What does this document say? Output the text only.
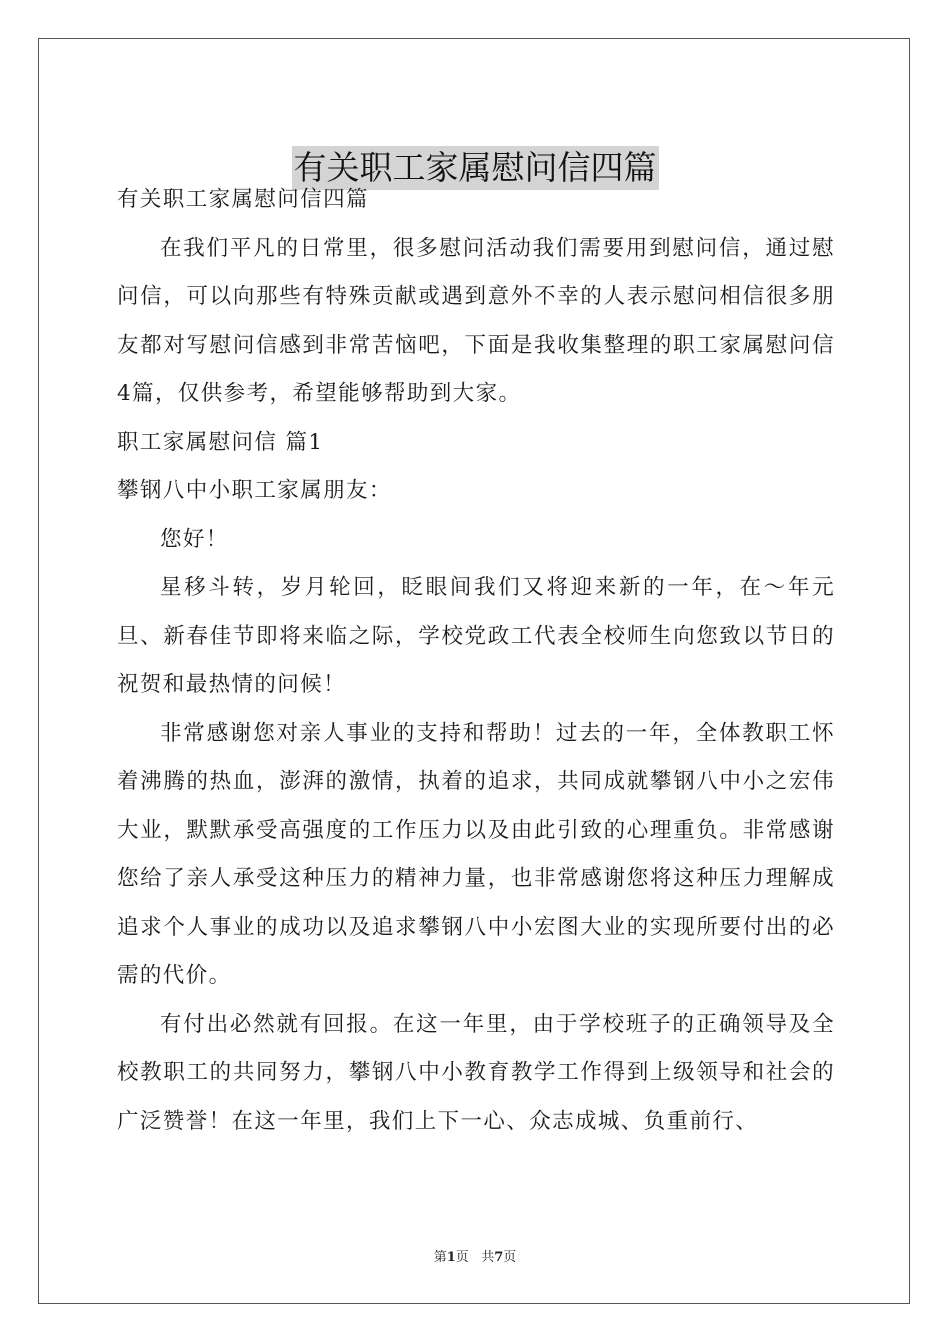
有关职工家属慰问信四篇

有关职工家属慰问信四篇

在我们平凡的日常里，很多慰问活动我们需要用到慰问信，通过慰问信，可以向那些有特殊贡献或遇到意外不幸的人表示慰问相信很多朋友都对写慰问信感到非常苦恼吧，下面是我收集整理的职工家属慰问信4篇，仅供参考，希望能够帮助到大家。

职工家属慰问信 篇1

攀钢八中小职工家属朋友：

您好！

星移斗转，岁月轮回，眨眼间我们又将迎来新的一年，在～年元旦、新春佳节即将来临之际，学校党政工代表全校师生向您致以节日的祝贺和最热情的问候！

非常感谢您对亲人事业的支持和帮助！过去的一年，全体教职工怀着沸腾的热血，澎湃的激情，执着的追求，共同成就攀钢八中小之宏伟大业，默默承受高强度的工作压力以及由此引致的心理重负。非常感谢您给了亲人承受这种压力的精神力量，也非常感谢您将这种压力理解成追求个人事业的成功以及追求攀钢八中小宏图大业的实现所要付出的必需的代价。

有付出必然就有回报。在这一年里，由于学校班子的正确领导及全校教职工的共同努力，攀钢八中小教育教学工作得到上级领导和社会的广泛赞誉！在这一年里，我们上下一心、众志成城、负重前行、

第1页 共7页
